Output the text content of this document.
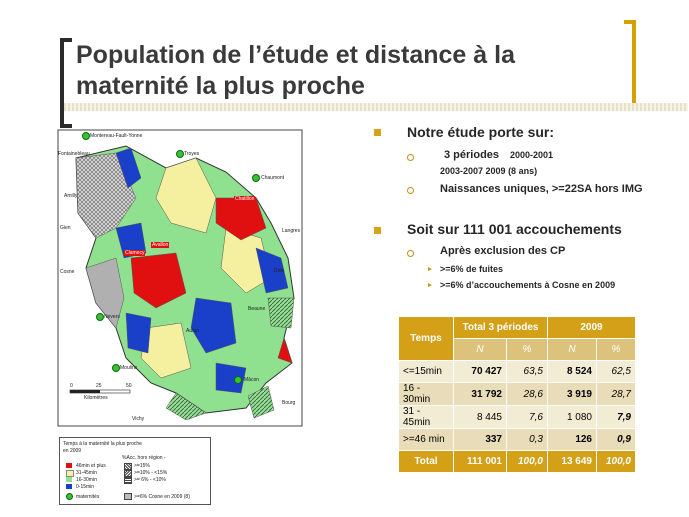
Population de l’étude et distance à la maternité la plus proche
Montereau-Fault-Yonne
Fontainebleau	Troyes
Chaumont
Langres
Chatillon
Avallon
Clamecy
Cosne
Nevers
Moulins
Gien
Amilly
Mâcon
Vichy
Bourg
Dole
Beaune
Autun
0	25	50
Kilomètres
Temps à la maternité la plus proche
en 2009
%Acc. hors région -
46min et plus
31-45min
16-30min
0-15min
maternités
>=15%
>=10% - <15%
>= 6% - <10%
>=6% Cosne en 2009 (8)
Notre étude porte sur:
3 périodes 2000-2001
2003-2007 2009 (8 ans)
Naissances uniques, >=22SA hors IMG
Soit sur 111 001 accouchements
Après exclusion des CP
>=6% de fuites
>=6% d’accouchements à Cosne en 2009
Temps	Total 3 périodes		2009	
	N	%	N	%
<=15min	70 427	63,5	8 524	62,5
16 - 30min	31 792	28,6	3 919	28,7
31 - 45min	8 445	7,6	1 080	7,9
>=46 min	337	0,3	126	0,9
Total	111 001	100,0	13 649	100,0
